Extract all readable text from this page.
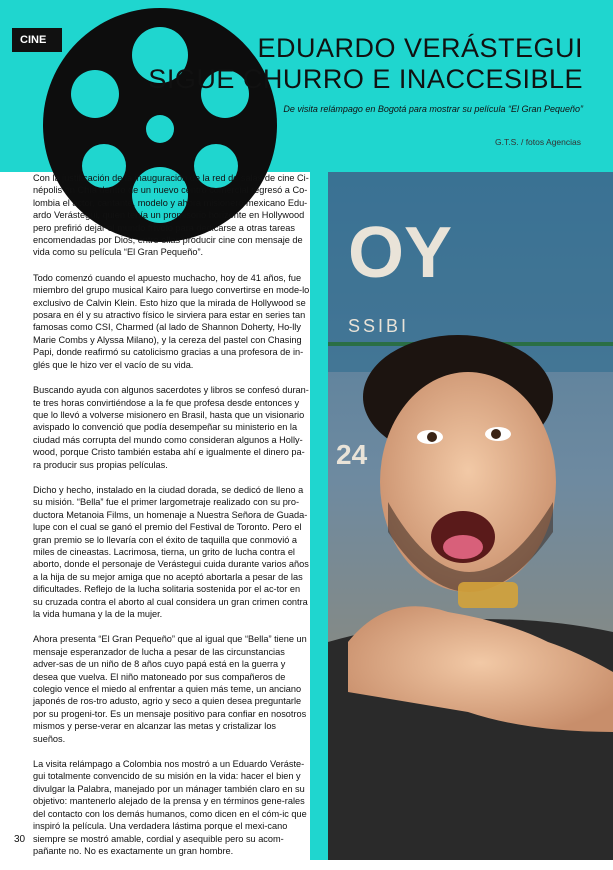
CINE	EDUARDO VERÁSTEGUI
SIGUE CHURRO E INACCESIBLE
De visita relámpago en Bogotá para mostrar su película “El Gran Pequeño”
G.T.S. / fotos Agencias

Con la justificación de la inauguración de la red de salas de cine Ci-népolis en Chía dentro de un nuevo centro comercial regresó a Co-lombia el actor, cantante, modelo y ahora misionero mexicano Edu-ardo Verástegui, quien tenía un promisorio horizonte en Hollywood pero prefirió dejar el mundo frívolo para dedicarse a otras tareas encomendadas por Dios, entre ellas producir cine con mensaje de vida como su película “El Gran Pequeño”.

Todo comenzó cuando el apuesto muchacho, hoy de 41 años, fue miembro del grupo musical Kairo para luego convertirse en mode-lo exclusivo de Calvin Klein. Esto hizo que la mirada de Hollywood se posara en él y su atractivo físico le sirviera para estar en series tan famosas como CSI, Charmed (al lado de Shannon Doherty, Ho-lly Marie Combs y Alyssa Milano), y la cereza del pastel con Chasing Papi, donde reafirmó su catolicismo gracias a una profesora de in-glés que le hizo ver el vacío de su vida.

Buscando ayuda con algunos sacerdotes y libros se confesó duran-te tres horas convirtiéndose a la fe que profesa desde entonces y que lo llevó a volverse misionero en Brasil, hasta que un visionario avispado lo convenció que podía desempeñar su ministerio en la ciudad más corrupta del mundo como consideran algunos a Holly-wood, porque Cristo también estaba ahí e igualmente el dinero pa-ra producir sus propias películas.

Dicho y hecho, instalado en la ciudad dorada, se dedicó de lleno a su misión. “Bella” fue el primer largometraje realizado con su pro-ductora Metanoia Films, un homenaje a Nuestra Señora de Guada-lupe con el cual se ganó el premio del Festival de Toronto. Pero el gran premio se lo llevaría con el éxito de taquilla que conmovió a miles de cineastas. Lacrimosa, tierna, un grito de lucha contra el aborto, donde el personaje de Verástegui cuida durante varios años a la hija de su mejor amiga que no aceptó abortarla a pesar de las dificultades. Reflejo de la lucha solitaria sostenida por el ac-tor en su cruzada contra el aborto al cual considera un gran crimen contra la vida humana y la de la mujer.

Ahora presenta “El Gran Pequeño” que al igual que “Bella” tiene un mensaje esperanzador de lucha a pesar de las circunstancias adver-sas de un niño de 8 años cuyo papá está en la guerra y desea que vuelva. El niño matoneado por sus compañeros de colegio vence el miedo al enfrentar a quien más teme, un anciano japonés de ros-tro adusto, agrio y seco a quien desea preguntarle por su progeni-tor. Es un mensaje positivo para confiar en nosotros mismos y perse-verar en alcanzar las metas y cristalizar los sueños.

La visita relámpago a Colombia nos mostró a un Eduardo Veráste-gui totalmente convencido de su misión en la vida: hacer el bien y divulgar la Palabra, manejado por un mánager también claro en su objetivo: mantenerlo alejado de la prensa y en términos gene-rales del contacto con los demás humanos, como dicen en el cóm-ic que inspiró la película. Una verdadera lástima porque el mexi-cano siempre se mostró amable, cordial y asequible pero su acom-pañante no. No es exactamente un gran hombre.

OY
SSIBI
24
30
